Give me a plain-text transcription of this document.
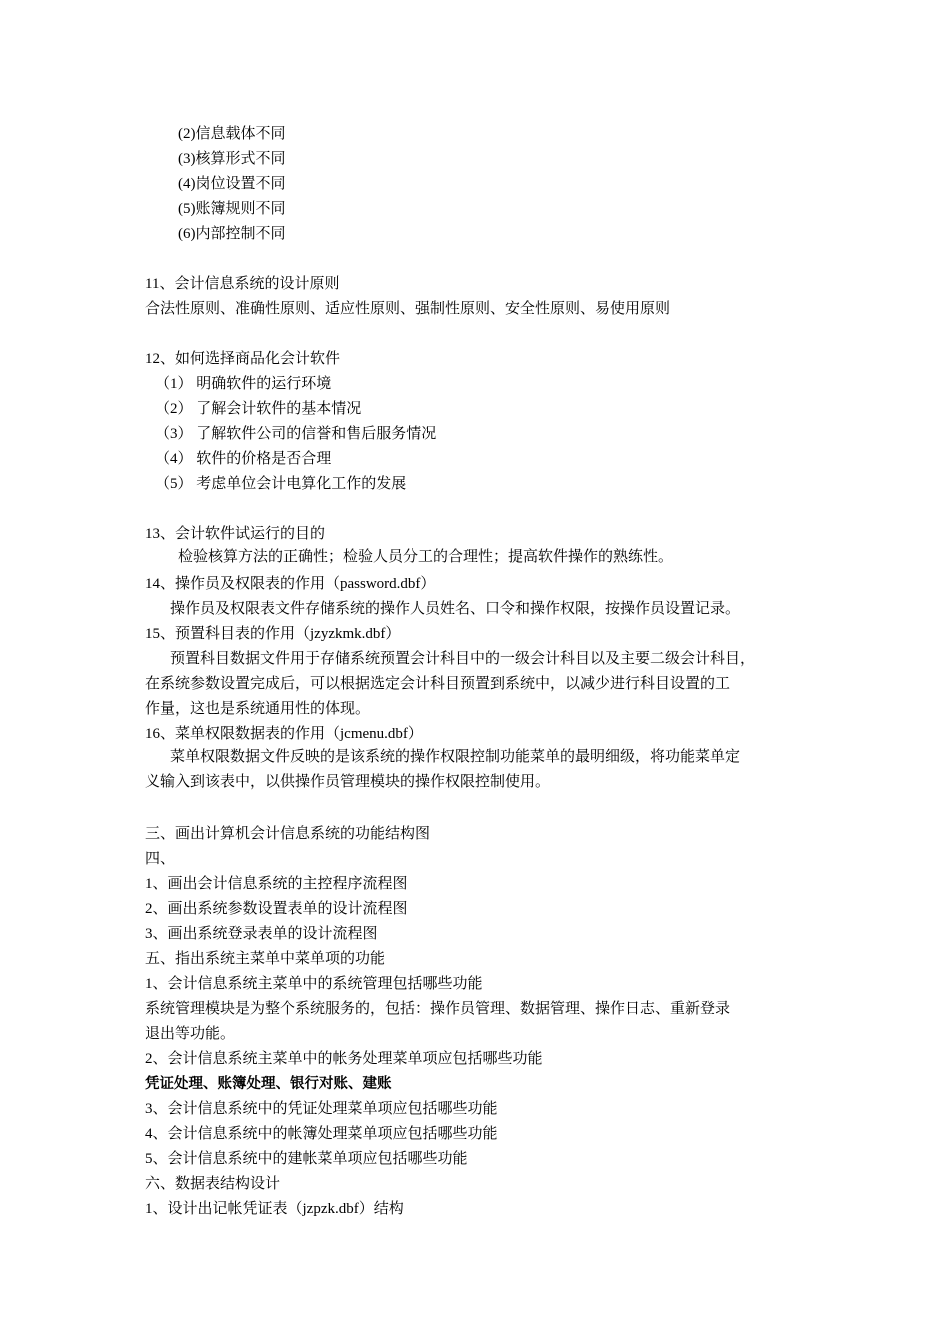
(2)信息载体不同
(3)核算形式不同
(4)岗位设置不同
(5)账簿规则不同
(6)内部控制不同
11、会计信息系统的设计原则
合法性原则、准确性原则、适应性原则、强制性原则、安全性原则、易使用原则
12、如何选择商品化会计软件
（1） 明确软件的运行环境
（2） 了解会计软件的基本情况
（3） 了解软件公司的信誉和售后服务情况
（4） 软件的价格是否合理
（5） 考虑单位会计电算化工作的发展
13、会计软件试运行的目的
检验核算方法的正确性；检验人员分工的合理性；提高软件操作的熟练性。
14、操作员及权限表的作用（password.dbf）
操作员及权限表文件存储系统的操作人员姓名、口令和操作权限，按操作员设置记录。
15、预置科目表的作用（jzyzkmk.dbf）
预置科目数据文件用于存储系统预置会计科目中的一级会计科目以及主要二级会计科目，
在系统参数设置完成后，可以根据选定会计科目预置到系统中，以减少进行科目设置的工
作量，这也是系统通用性的体现。
16、菜单权限数据表的作用（jcmenu.dbf）
菜单权限数据文件反映的是该系统的操作权限控制功能菜单的最明细级，将功能菜单定
义输入到该表中，以供操作员管理模块的操作权限控制使用。
三、画出计算机会计信息系统的功能结构图
四、
1、画出会计信息系统的主控程序流程图
2、画出系统参数设置表单的设计流程图
3、画出系统登录表单的设计流程图
五、指出系统主菜单中菜单项的功能
1、会计信息系统主菜单中的系统管理包括哪些功能
系统管理模块是为整个系统服务的，包括：操作员管理、数据管理、操作日志、重新登录
退出等功能。
2、会计信息系统主菜单中的帐务处理菜单项应包括哪些功能
凭证处理、账簿处理、银行对账、建账
3、会计信息系统中的凭证处理菜单项应包括哪些功能
4、会计信息系统中的帐簿处理菜单项应包括哪些功能
5、会计信息系统中的建帐菜单项应包括哪些功能
六、数据表结构设计
1、设计出记帐凭证表（jzpzk.dbf）结构
